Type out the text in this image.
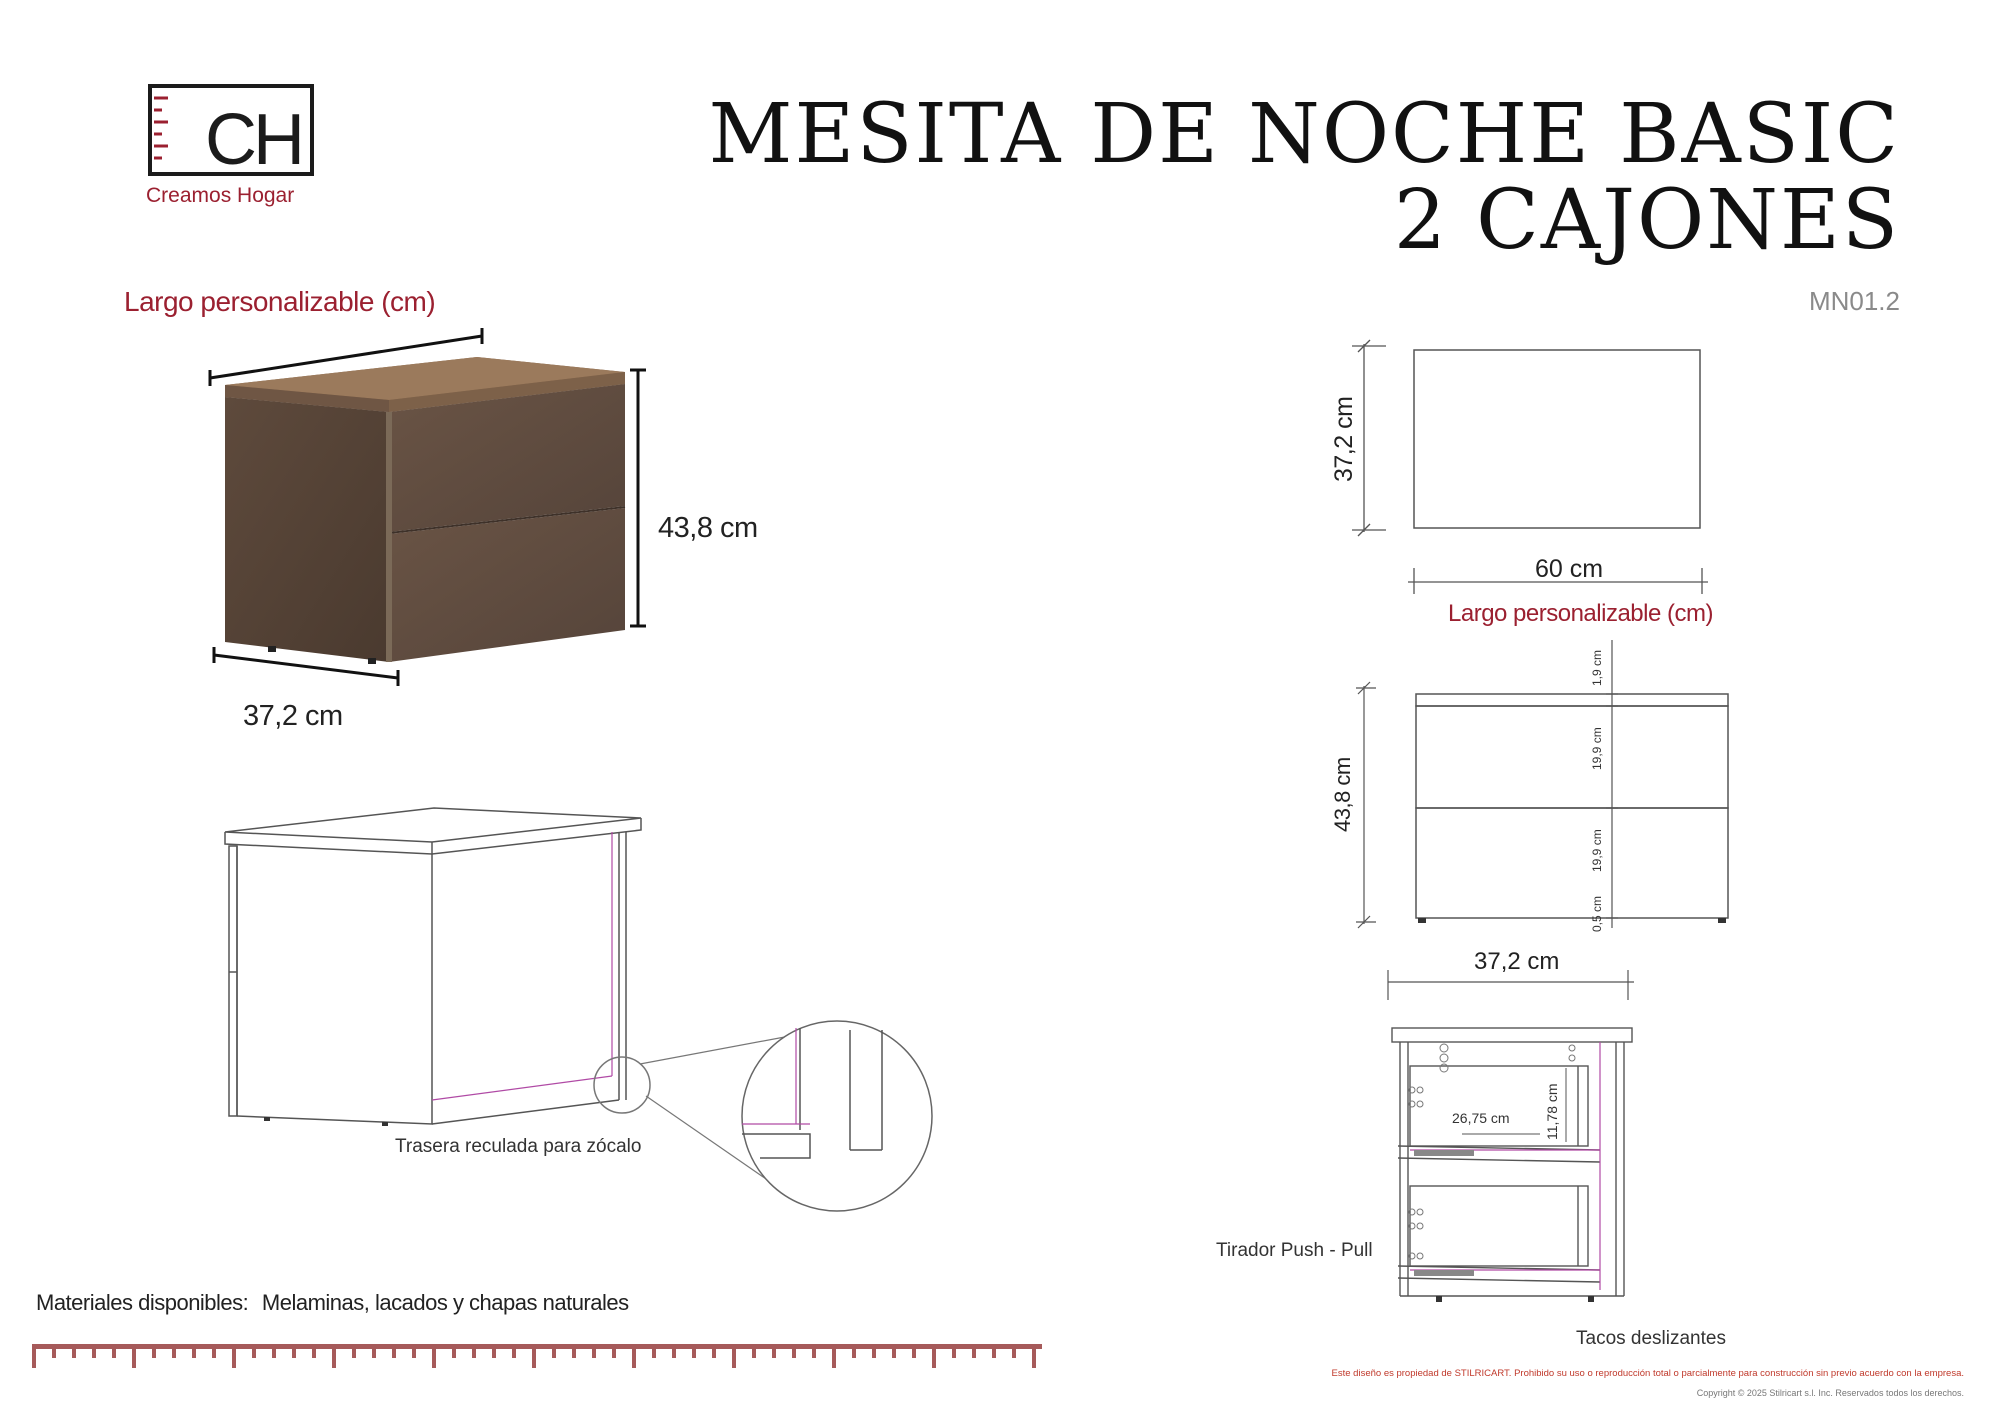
CH
Creamos Hogar
MESITA DE NOCHE BASIC
2 CAJONES
MN01.2
Largo personalizable (cm)
43,8 cm
37,2 cm
Trasera reculada para zócalo
Materiales disponibles: Melaminas, lacados y chapas naturales
37,2 cm
60 cm
Largo personalizable (cm)
43,8 cm
1,9 cm
19,9 cm
19,9 cm
0,5 cm
37,2 cm
26,75 cm 11,78 cm
Tirador Push - Pull
Tacos deslizantes
Este diseño es propiedad de STILRICART. Prohibido su uso o reproducción total o parcialmente para construcción sin previo acuerdo con la empresa.
Copyright © 2025 Stilricart s.l. Inc. Reservados todos los derechos.
